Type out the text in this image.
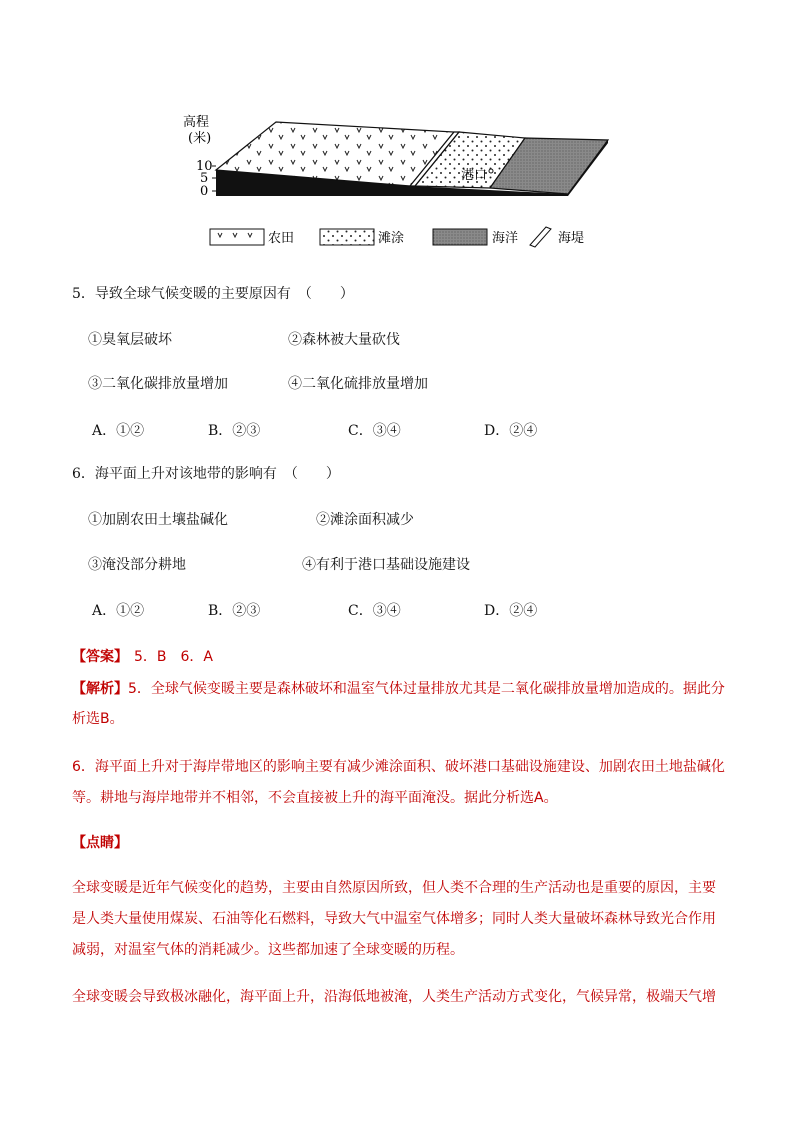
高程
(米)
10
5
0
港口
农田	滩涂	海洋	海堤
5．导致全球气候变暖的主要原因有　（　　）
①臭氧层破坏	②森林被大量砍伐
③二氧化碳排放量增加	④二氧化硫排放量增加
A．①②	B．②③	C．③④	D．②④
6．海平面上升对该地带的影响有　（　　）
①加剧农田土壤盐碱化	②滩涂面积减少
③淹没部分耕地	④有利于港口基础设施建设
A．①②	B．②③	C．③④	D．②④
【答案】 5．B　6．A
【解析】5．全球气候变暖主要是森林破坏和温室气体过量排放尤其是二氧化碳排放量增加造成的。据此分
析选B。
6．海平面上升对于海岸带地区的影响主要有减少滩涂面积、破坏港口基础设施建设、加剧农田土地盐碱化
等。耕地与海岸地带并不相邻，不会直接被上升的海平面淹没。据此分析选A。
【点睛】
全球变暖是近年气候变化的趋势，主要由自然原因所致，但人类不合理的生产活动也是重要的原因，主要
是人类大量使用煤炭、石油等化石燃料，导致大气中温室气体增多；同时人类大量破坏森林导致光合作用
减弱，对温室气体的消耗减少。这些都加速了全球变暖的历程。
全球变暖会导致极冰融化，海平面上升，沿海低地被淹，人类生产活动方式变化，气候异常，极端天气增
